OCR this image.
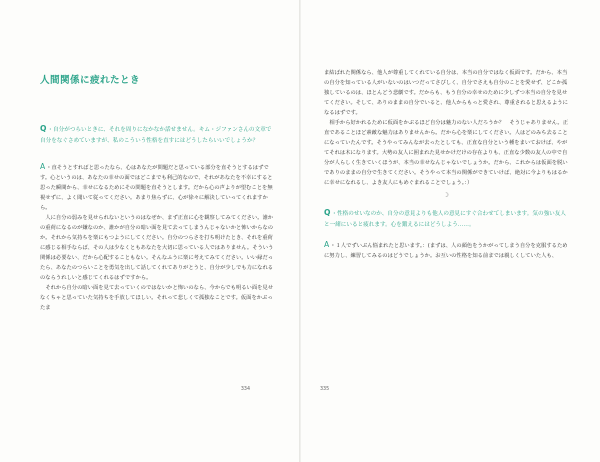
人間関係に疲れたとき

Q・自分がつらいときに、それを周りになかなか話せません。キム・ジファンさんの文章で自分をなぐさめていますが、私のこういう性格を直すにはどうしたらいいでしょうか？

A・直そうとすればと思ったなら、心はあなたが問題だと思っている部分を直そうとするはずです。心というのは、あなたの幸せの面ではどこまでも利己的なので、それがあなたを不幸にすると思った瞬間から、幸せになるためにその問題を直そうとします。だから心の声よりが望むことを無視せずに、よく聞いて従ってください。あまり焦らずに、心が徐々に解決していってくれますから。

　人に自分の弱みを見せられないというのはなぜか、まず正直に心を観察してみてください。誰かの重荷になるのが嫌なのか、誰かが自分の暗い面を見て去ってしまうんじゃないかと怖いからなのか。それから気持ちを楽にもつようにしてください。自分のつらさを打ち明けたとき、それを重荷に感じる相手ならば、その人は少なくともあなたを大切に思っている人ではありません。そういう関係は必要ない、だから心配することもない。そんなふうに楽に考えてみてください。いい縁だったら、あなたのつらいことを勇気を出して話してくれてありがとうと、自分が少しでも力になれるのならうれしいと感じてくれるはずですから。

　それから自分の暗い面を見て去っていくのではないかと怖いのなら、今からでも明るい面を見せなくちゃと思っていた気持ちを手放してほしい。それって悲しくて孤独なことです。仮面をかぶったま

334

ま結ばれた関係なら、他人が尊重してくれている自分は、本当の自分ではなく仮面です。だから、本当の自分を知っている人がいないのはいつだってさびしく、自分でさえも自分のことを愛せず、どこか孤独しているのは、ほとんどう悲劇です。だからも、もう自分の幸せのために少しずつ本当の自分を見せてください。そして、ありのままの自分でいると、他人からもっと愛され、尊重されると思えるようになるはずです。

　相手から好かれるために仮面をかぶるほど自分は魅力のない人だろうか？　そうじゃありません。正直であることほど素敵な魅力はありませんから。だから心を楽にしてください。人はどのみち去ることになっていたんです。そうやってみんなが去ったとしても、正直な自分という種をまいておけば、やがてそれは木になります。大勢の友人に囲まれた見せかけだけの存在よりも、正直な少数の友人の中で自分が人らしく生きていくほうが、本当の幸せなんじゃないでしょうか。だから、これからは仮面を脱いでありのままの自分で生きてください。そうやって本当の関係ができていけば、絶対に今よりもはるかに幸せになれるし、よき友人にもめぐまれることでしょう。：）

☽

Q・性格のせいなのか、自分の意見よりも他人の意見にすぐ合わせてしまいます。気の強い友人と一緒にいると疲れます。心を鍛えるにはどうしよう……。

A・１人でずいぶん悩まれたと思います。：(まずは、人の顔色をうかがってしまう自分を克服するために努力し、練習してみるのはどうでしょうか。お互いの性格を知る前までは親しくしていた人も、

335
